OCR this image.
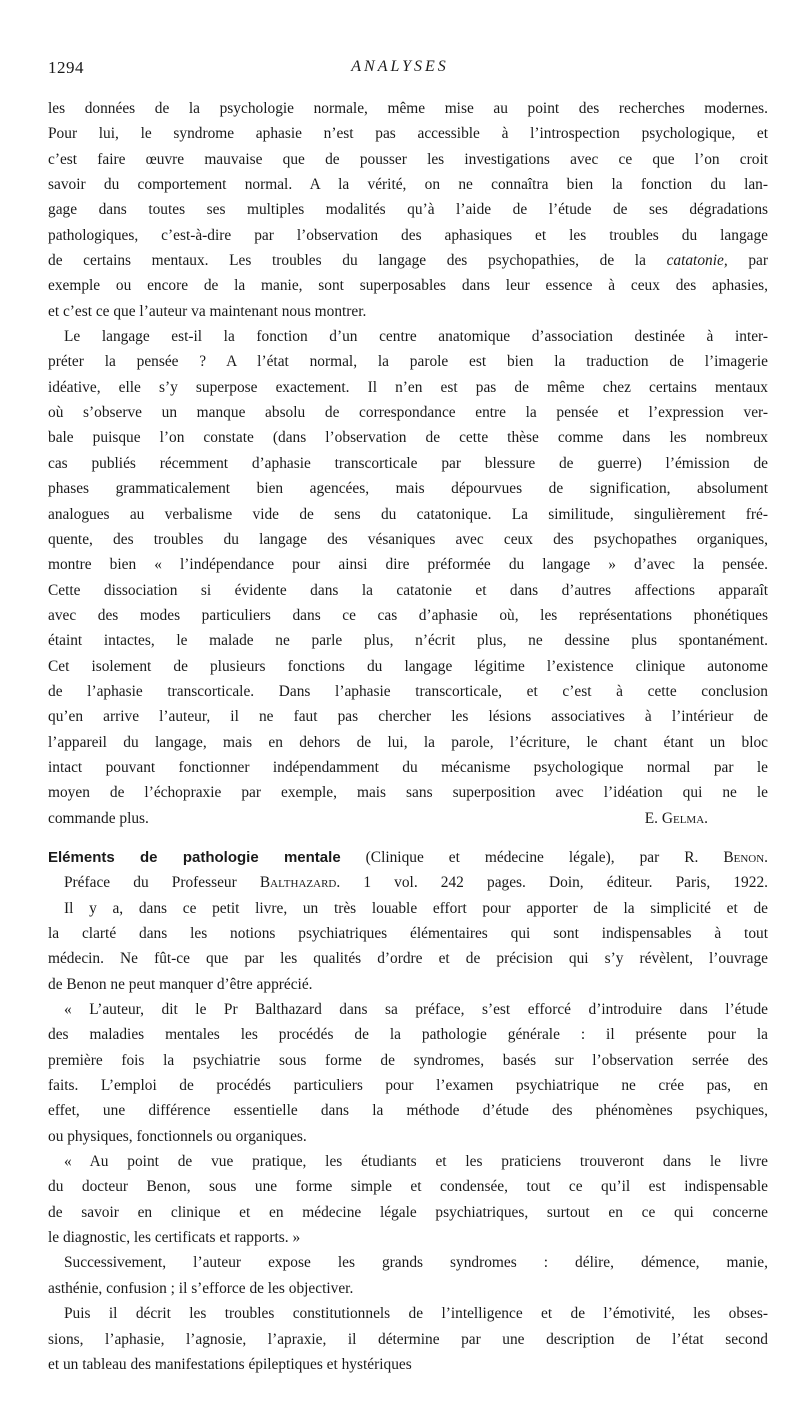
1294	ANALYSES
les données de la psychologie normale, même mise au point des recherches modernes.
Pour lui, le syndrome aphasie n’est pas accessible à l’introspection psychologique, et
c’est faire œuvre mauvaise que de pousser les investigations avec ce que l’on croit
savoir du comportement normal. A la vérité, on ne connaîtra bien la fonction du lan-
gage dans toutes ses multiples modalités qu’à l’aide de l’étude de ses dégradations
pathologiques, c’est-à-dire par l’observation des aphasiques et les troubles du langage
de certains mentaux. Les troubles du langage des psychopathies, de la catatonie, par
exemple ou encore de la manie, sont superposables dans leur essence à ceux des aphasies,
et c’est ce que l’auteur va maintenant nous montrer.
Le langage est-il la fonction d’un centre anatomique d’association destinée à inter-
préter la pensée ? A l’état normal, la parole est bien la traduction de l’imagerie
idéative, elle s’y superpose exactement. Il n’en est pas de même chez certains mentaux
où s’observe un manque absolu de correspondance entre la pensée et l’expression ver-
bale puisque l’on constate (dans l’observation de cette thèse comme dans les nombreux
cas publiés récemment d’aphasie transcorticale par blessure de guerre) l’émission de
phases grammaticalement bien agencées, mais dépourvues de signification, absolument
analogues au verbalisme vide de sens du catatonique. La similitude, singulièrement fré-
quente, des troubles du langage des vésaniques avec ceux des psychopathes organiques,
montre bien « l’indépendance pour ainsi dire préformée du langage » d’avec la pensée.
Cette dissociation si évidente dans la catatonie et dans d’autres affections apparaît
avec des modes particuliers dans ce cas d’aphasie où, les représentations phonétiques
étaint intactes, le malade ne parle plus, n’écrit plus, ne dessine plus spontanément.
Cet isolement de plusieurs fonctions du langage légitime l’existence clinique autonome
de l’aphasie transcorticale. Dans l’aphasie transcorticale, et c’est à cette conclusion
qu’en arrive l’auteur, il ne faut pas chercher les lésions associatives à l’intérieur de
l’appareil du langage, mais en dehors de lui, la parole, l’écriture, le chant étant un bloc
intact pouvant fonctionner indépendamment du mécanisme psychologique normal par le
moyen de l’échopraxie par exemple, mais sans superposition avec l’idéation qui ne le
commande plus.	E. Gelma.
Eléments de pathologie mentale (Clinique et médecine légale), par R. Benon.
Préface du Professeur Balthazard. 1 vol. 242 pages. Doin, éditeur. Paris, 1922.
Il y a, dans ce petit livre, un très louable effort pour apporter de la simplicité et de
la clarté dans les notions psychiatriques élémentaires qui sont indispensables à tout
médecin. Ne fût-ce que par les qualités d’ordre et de précision qui s’y révèlent, l’ouvrage
de Benon ne peut manquer d’être apprécié.
« L’auteur, dit le Pr Balthazard dans sa préface, s’est efforcé d’introduire dans l’étude
des maladies mentales les procédés de la pathologie générale : il présente pour la
première fois la psychiatrie sous forme de syndromes, basés sur l’observation serrée des
faits. L’emploi de procédés particuliers pour l’examen psychiatrique ne crée pas, en
effet, une différence essentielle dans la méthode d’étude des phénomènes psychiques,
ou physiques, fonctionnels ou organiques.
« Au point de vue pratique, les étudiants et les praticiens trouveront dans le livre
du docteur Benon, sous une forme simple et condensée, tout ce qu’il est indispensable
de savoir en clinique et en médecine légale psychiatriques, surtout en ce qui concerne
le diagnostic, les certificats et rapports. »
Successivement, l’auteur expose les grands syndromes : délire, démence, manie,
asthénie, confusion ; il s’efforce de les objectiver.
Puis il décrit les troubles constitutionnels de l’intelligence et de l’émotivité, les obses-
sions, l’aphasie, l’agnosie, l’apraxie, il détermine par une description de l’état second
et un tableau des manifestations épileptiques et hystériques
